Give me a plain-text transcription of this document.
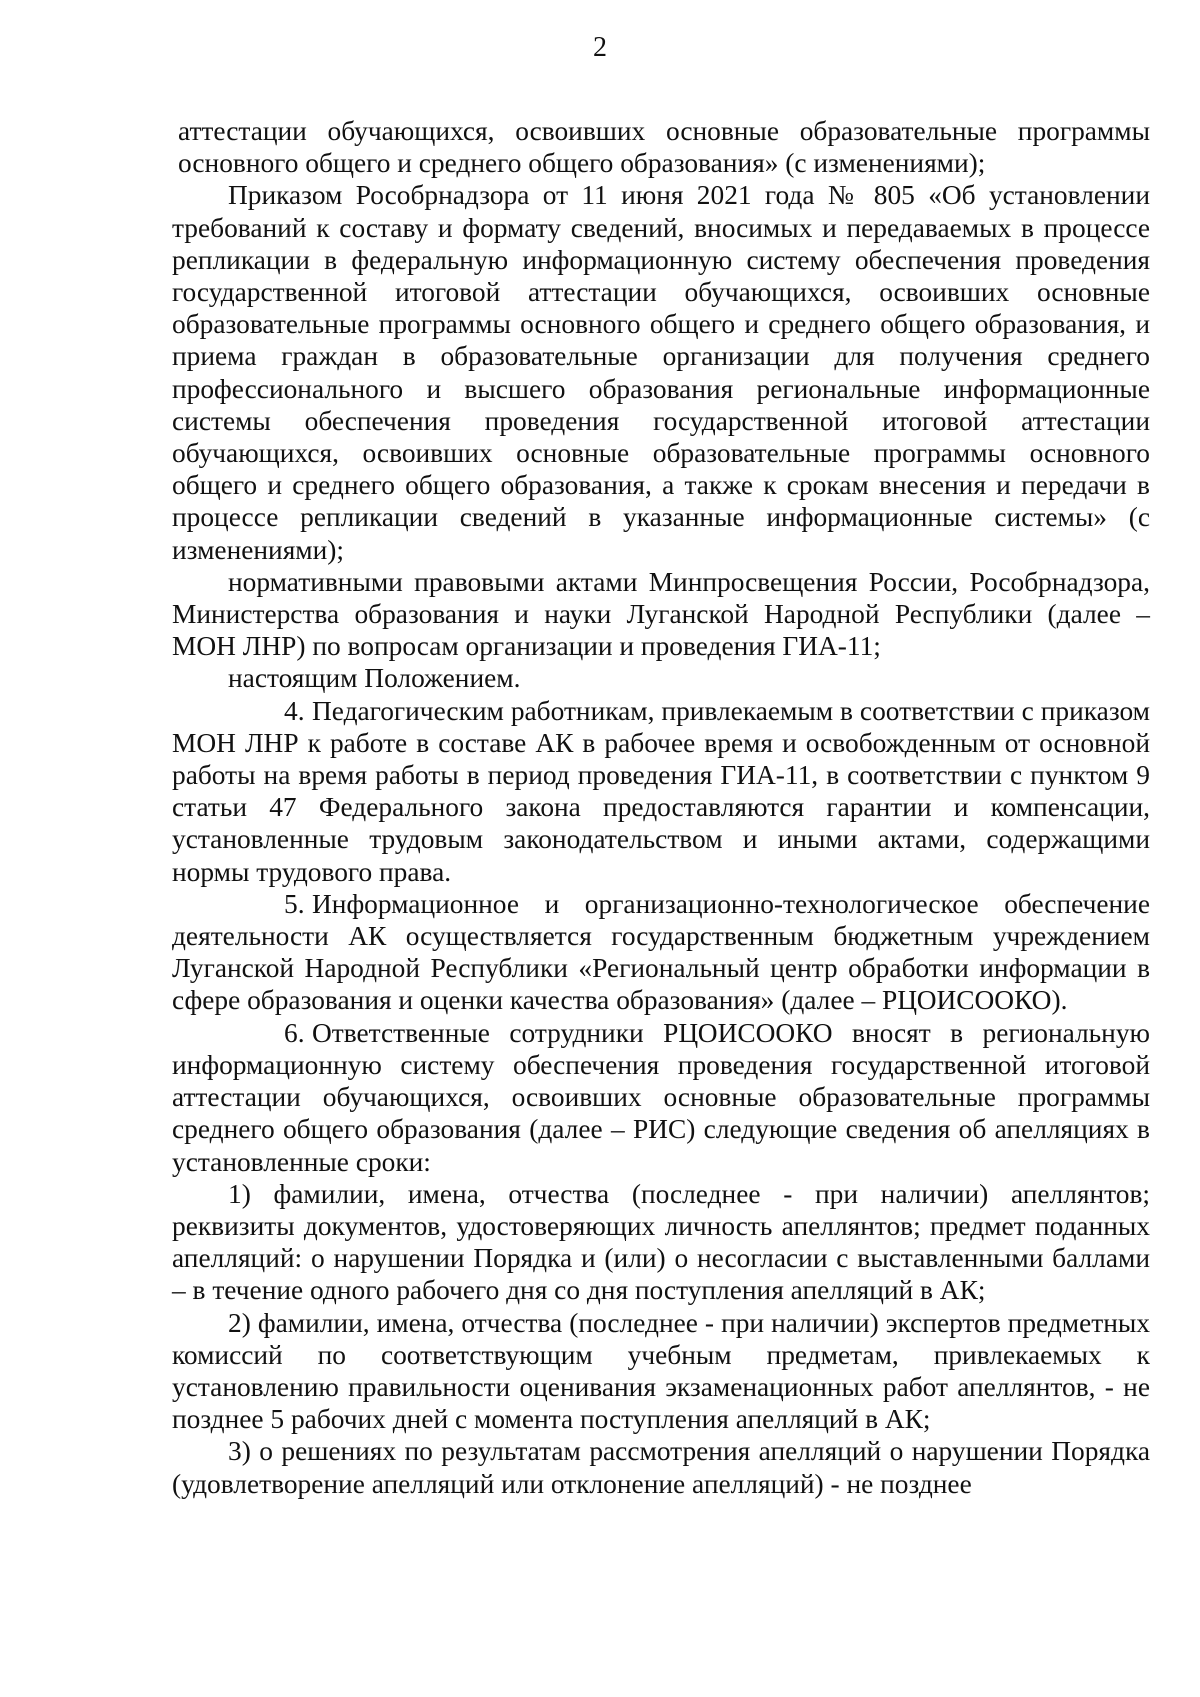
2

аттестации обучающихся, освоивших основные образовательные программы основного общего и среднего общего образования» (с изменениями);

Приказом Рособрнадзора от 11 июня 2021 года № 805 «Об установлении требований к составу и формату сведений, вносимых и передаваемых в процессе репликации в федеральную информационную систему обеспечения проведения государственной итоговой аттестации обучающихся, освоивших основные образовательные программы основного общего и среднего общего образования, и приема граждан в образовательные организации для получения среднего профессионального и высшего образования региональные информационные системы обеспечения проведения государственной итоговой аттестации обучающихся, освоивших основные образовательные программы основного общего и среднего общего образования, а также к срокам внесения и передачи в процессе репликации сведений в указанные информационные системы» (с изменениями);

нормативными правовыми актами Минпросвещения России, Рособрнадзора, Министерства образования и науки Луганской Народной Республики (далее – МОН ЛНР) по вопросам организации и проведения ГИА-11;

настоящим Положением.

4. Педагогическим работникам, привлекаемым в соответствии с приказом МОН ЛНР к работе в составе АК в рабочее время и освобожденным от основной работы на время работы в период проведения ГИА-11, в соответствии с пунктом 9 статьи 47 Федерального закона предоставляются гарантии и компенсации, установленные трудовым законодательством и иными актами, содержащими нормы трудового права.

5. Информационное и организационно-технологическое обеспечение деятельности АК осуществляется государственным бюджетным учреждением Луганской Народной Республики «Региональный центр обработки информации в сфере образования и оценки качества образования» (далее – РЦОИСООКО).

6. Ответственные сотрудники РЦОИСООКО вносят в региональную информационную систему обеспечения проведения государственной итоговой аттестации обучающихся, освоивших основные образовательные программы среднего общего образования (далее – РИС) следующие сведения об апелляциях в установленные сроки:

1) фамилии, имена, отчества (последнее - при наличии) апеллянтов; реквизиты документов, удостоверяющих личность апеллянтов; предмет поданных апелляций: о нарушении Порядка и (или) о несогласии с выставленными баллами – в течение одного рабочего дня со дня поступления апелляций в АК;

2) фамилии, имена, отчества (последнее - при наличии) экспертов предметных комиссий по соответствующим учебным предметам, привлекаемых к установлению правильности оценивания экзаменационных работ апеллянтов, - не позднее 5 рабочих дней с момента поступления апелляций в АК;

3) о решениях по результатам рассмотрения апелляций о нарушении Порядка (удовлетворение апелляций или отклонение апелляций) - не позднее
